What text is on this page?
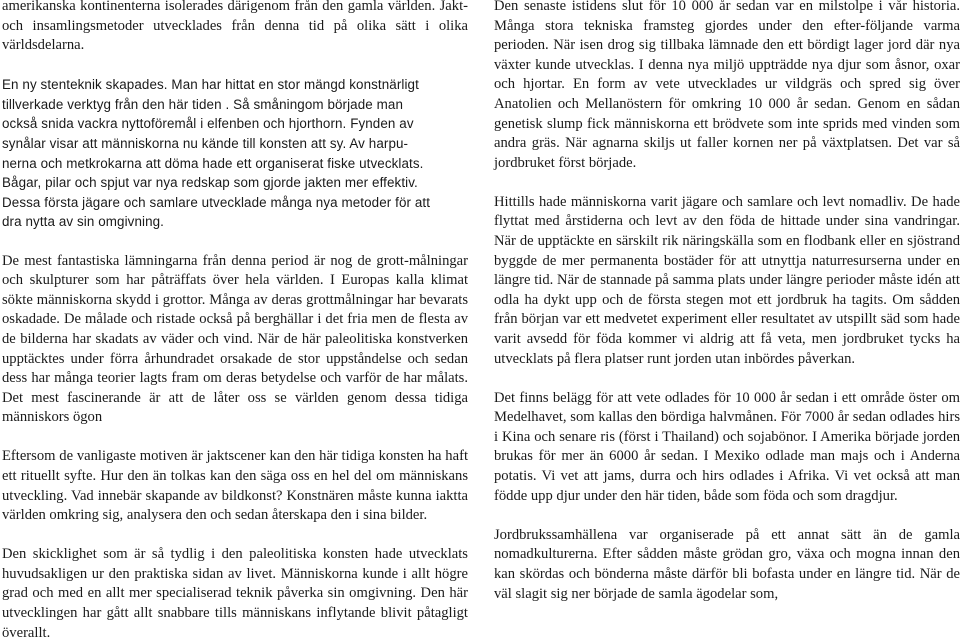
amerikanska kontinenterna isolerades därigenom från den gamla världen. Jakt- och insamlingsmetoder utvecklades från denna tid på olika sätt i olika världsdelarna.

En ny stenteknik skapades. Man har hittat en stor mängd konstnärligt
tillverkade verktyg från den här tiden . Så småningom började man
också snida vackra nyttoföremål i elfenben och hjorthorn. Fynden av
synålar visar att människorna nu kände till konsten att sy. Av harpu-
nerna och metkrokarna att döma hade ett organiserat fiske utvecklats.
Bågar, pilar och spjut var nya redskap som gjorde jakten mer effektiv.
Dessa första jägare och samlare utvecklade många nya metoder för att
dra nytta av sin omgivning.

De mest fantastiska lämningarna från denna period är nog de grott-målningar och skulpturer som har påträffats över hela världen. I Europas kalla klimat sökte människorna skydd i grottor. Många av deras grottmålningar har bevarats oskadade. De målade och ristade också på berghällar i det fria men de flesta av de bilderna har skadats av väder och vind. När de här paleolitiska konstverken upptäcktes under förra århundradet orsakade de stor uppståndelse och sedan dess har många teorier lagts fram om deras betydelse och varför de har målats. Det mest fascinerande är att de låter oss se världen genom dessa tidiga människors ögon

Eftersom de vanligaste motiven är jaktscener kan den här tidiga konsten ha haft ett rituellt syfte. Hur den än tolkas kan den säga oss en hel del om människans utveckling. Vad innebär skapande av bildkonst? Konstnären måste kunna iaktta världen omkring sig, analysera den och sedan återskapa den i sina bilder.

Den skicklighet som är så tydlig i den paleolitiska konsten hade utvecklats huvudsakligen ur den praktiska sidan av livet. Människorna kunde i allt högre grad och med en allt mer specialiserad teknik påverka sin omgivning. Den här utvecklingen har gått allt snabbare tills människans inflytande blivit påtagligt överallt.

Den senaste istidens slut för 10 000 år sedan var en milstolpe i vår historia. Många stora tekniska framsteg gjordes under den efter-följande varma perioden. När isen drog sig tillbaka lämnade den ett bördigt lager jord där nya växter kunde utvecklas. I denna nya miljö uppträdde nya djur som åsnor, oxar och hjortar. En form av vete utvecklades ur vildgräs och spred sig över Anatolien och Mellanöstern för omkring 10 000 år sedan. Genom en sådan genetisk slump fick människorna ett brödvete som inte sprids med vinden som andra gräs. När agnarna skiljs ut faller kornen ner på växtplatsen. Det var så jordbruket först började.

Hittills hade människorna varit jägare och samlare och levt nomadliv. De hade flyttat med årstiderna och levt av den föda de hittade under sina vandringar. När de upptäckte en särskilt rik näringskälla som en flodbank eller en sjöstrand byggde de mer permanenta bostäder för att utnyttja naturresurserna under en längre tid. När de stannade på samma plats under längre perioder måste idén att odla ha dykt upp och de första stegen mot ett jordbruk ha tagits. Om sådden från början var ett medvetet experiment eller resultatet av utspillt säd som hade varit avsedd för föda kommer vi aldrig att få veta, men jordbruket tycks ha utvecklats på flera platser runt jorden utan inbördes påverkan.

Det finns belägg för att vete odlades för 10 000 år sedan i ett område öster om Medelhavet, som kallas den bördiga halvmånen. För 7000 år sedan odlades hirs i Kina och senare ris (först i Thailand) och sojabönor. I Amerika började jorden brukas för mer än 6000 år sedan. I Mexiko odlade man majs och i Anderna potatis. Vi vet att jams, durra och hirs odlades i Afrika. Vi vet också att man födde upp djur under den här tiden, både som föda och som dragdjur.

Jordbrukssamhällena var organiserade på ett annat sätt än de gamla nomadkulturerna. Efter sådden måste grödan gro, växa och mogna innan den kan skördas och bönderna måste därför bli bofasta under en längre tid. När de väl slagit sig ner började de samla ägodelar som,
